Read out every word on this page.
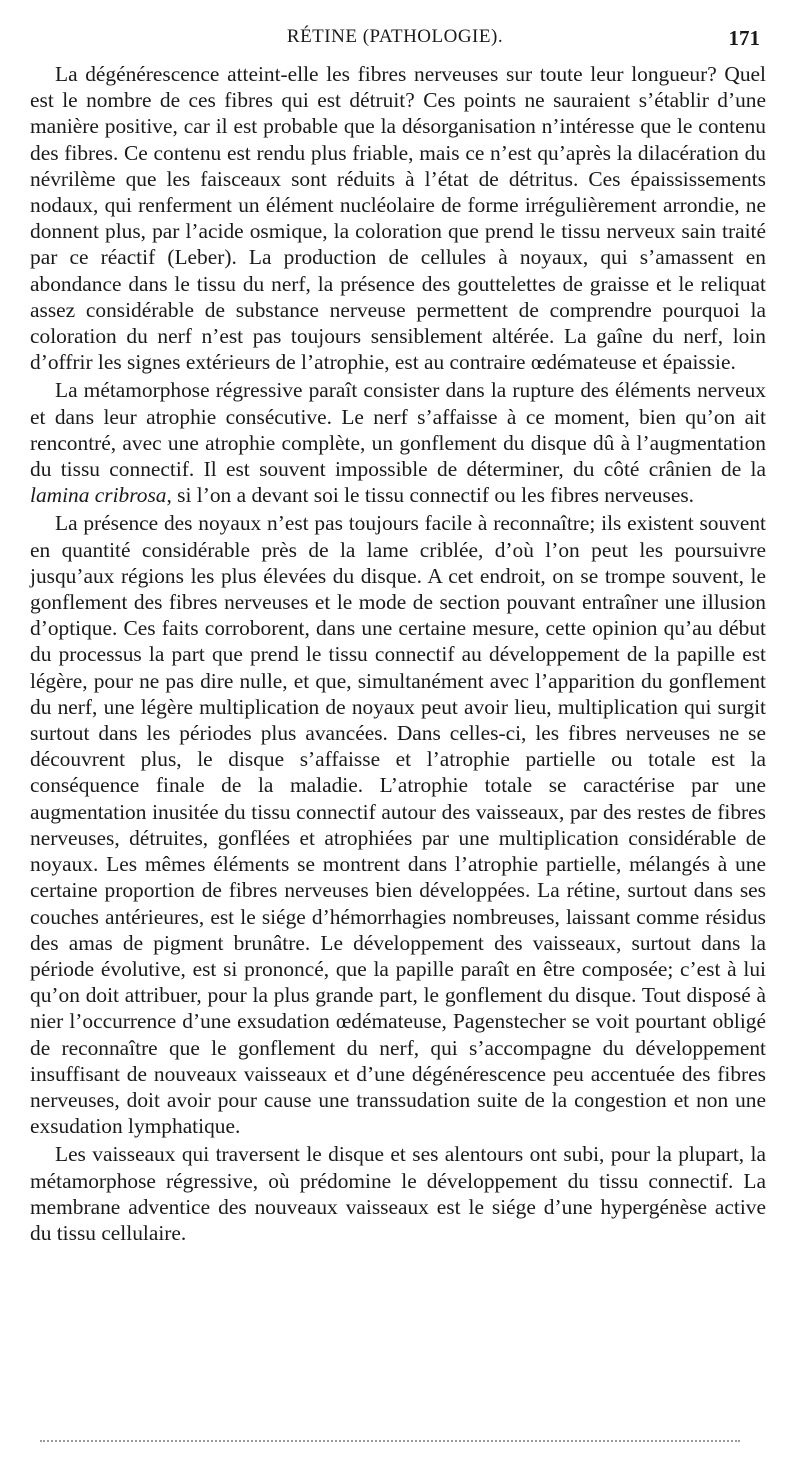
RÉTINE (PATHOLOGIE).	171

La dégénérescence atteint-elle les fibres nerveuses sur toute leur longueur? Quel est le nombre de ces fibres qui est détruit? Ces points ne sauraient s’établir d’une manière positive, car il est probable que la désorganisation n’intéresse que le contenu des fibres. Ce contenu est rendu plus friable, mais ce n’est qu’après la dilacération du névrilème que les faisceaux sont réduits à l’état de détritus. Ces épaississements nodaux, qui renferment un élément nucléolaire de forme irrégulièrement arrondie, ne donnent plus, par l’acide osmique, la coloration que prend le tissu nerveux sain traité par ce réactif (Leber). La production de cellules à noyaux, qui s’amassent en abondance dans le tissu du nerf, la présence des gouttelettes de graisse et le reliquat assez considérable de substance nerveuse permettent de comprendre pourquoi la coloration du nerf n’est pas toujours sensiblement altérée. La gaîne du nerf, loin d’offrir les signes extérieurs de l’atrophie, est au contraire œdémateuse et épaissie.

La métamorphose régressive paraît consister dans la rupture des éléments nerveux et dans leur atrophie consécutive. Le nerf s’affaisse à ce moment, bien qu’on ait rencontré, avec une atrophie complète, un gonflement du disque dû à l’augmentation du tissu connectif. Il est souvent impossible de déterminer, du côté crânien de la lamina cribrosa, si l’on a devant soi le tissu connectif ou les fibres nerveuses.

La présence des noyaux n’est pas toujours facile à reconnaître; ils existent souvent en quantité considérable près de la lame criblée, d’où l’on peut les poursuivre jusqu’aux régions les plus élevées du disque. A cet endroit, on se trompe souvent, le gonflement des fibres nerveuses et le mode de section pouvant entraîner une illusion d’optique. Ces faits corroborent, dans une certaine mesure, cette opinion qu’au début du processus la part que prend le tissu connectif au développement de la papille est légère, pour ne pas dire nulle, et que, simultanément avec l’apparition du gonflement du nerf, une légère multiplication de noyaux peut avoir lieu, multiplication qui surgit surtout dans les périodes plus avancées. Dans celles-ci, les fibres nerveuses ne se découvrent plus, le disque s’affaisse et l’atrophie partielle ou totale est la conséquence finale de la maladie. L’atrophie totale se caractérise par une augmentation inusitée du tissu connectif autour des vaisseaux, par des restes de fibres nerveuses, détruites, gonflées et atrophiées par une multiplication considérable de noyaux. Les mêmes éléments se montrent dans l’atrophie partielle, mélangés à une certaine proportion de fibres nerveuses bien développées. La rétine, surtout dans ses couches antérieures, est le siége d’hémorrhagies nombreuses, laissant comme résidus des amas de pigment brunâtre. Le développement des vaisseaux, surtout dans la période évolutive, est si prononcé, que la papille paraît en être composée; c’est à lui qu’on doit attribuer, pour la plus grande part, le gonflement du disque. Tout disposé à nier l’occurrence d’une exsudation œdémateuse, Pagenstecher se voit pourtant obligé de reconnaître que le gonflement du nerf, qui s’accompagne du développement insuffisant de nouveaux vaisseaux et d’une dégénérescence peu accentuée des fibres nerveuses, doit avoir pour cause une transsudation suite de la congestion et non une exsudation lymphatique.

Les vaisseaux qui traversent le disque et ses alentours ont subi, pour la plupart, la métamorphose régressive, où prédomine le développement du tissu connectif. La membrane adventice des nouveaux vaisseaux est le siége d’une hypergénèse active du tissu cellulaire.
